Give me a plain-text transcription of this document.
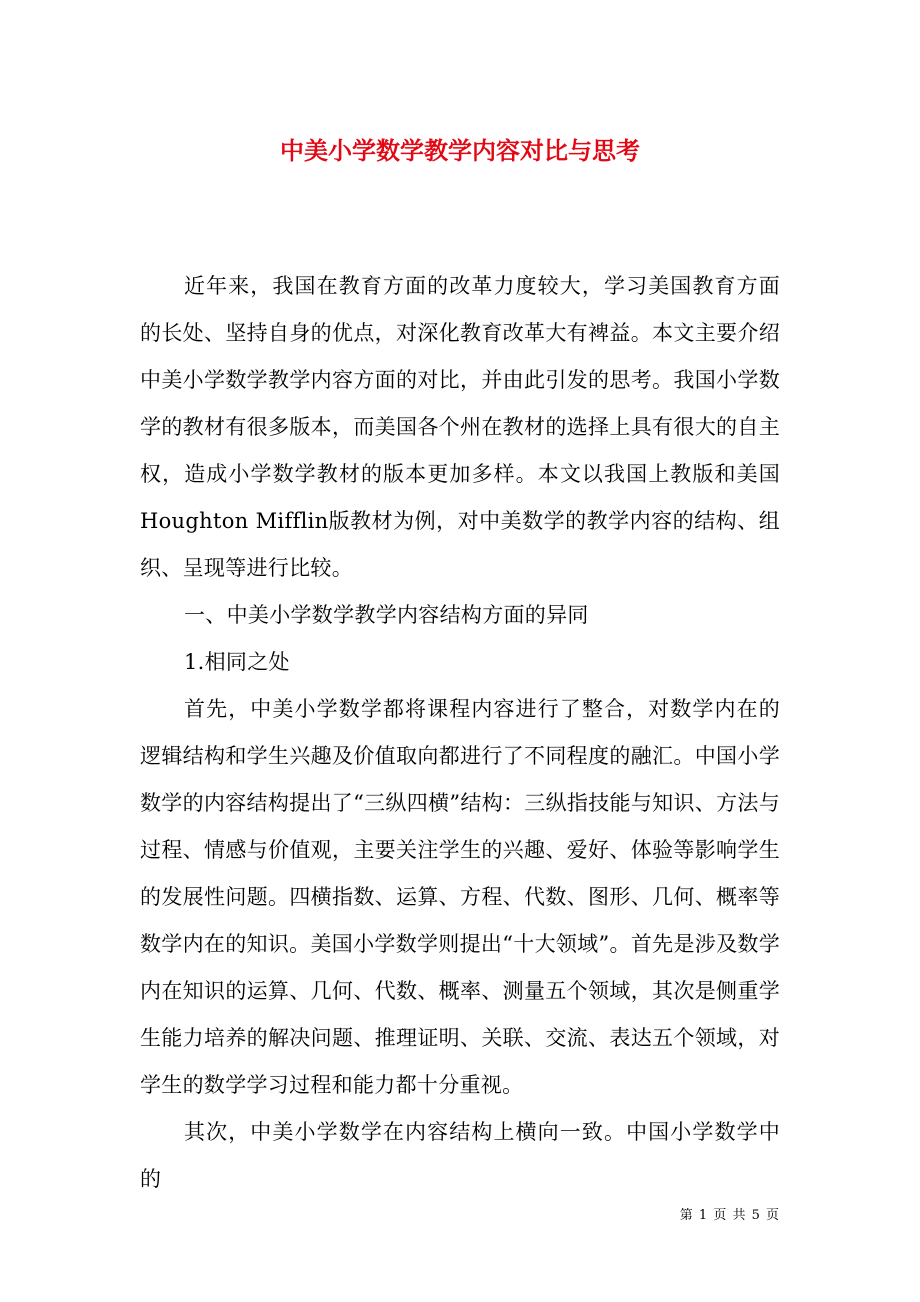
中美小学数学教学内容对比与思考

近年来，我国在教育方面的改革力度较大，学习美国教育方面的长处、坚持自身的优点，对深化教育改革大有裨益。本文主要介绍中美小学数学教学内容方面的对比，并由此引发的思考。我国小学数学的教材有很多版本，而美国各个州在教材的选择上具有很大的自主权，造成小学数学教材的版本更加多样。本文以我国上教版和美国Houghton Mifflin版教材为例，对中美数学的教学内容的结构、组织、呈现等进行比较。

一、中美小学数学教学内容结构方面的异同

1.相同之处

首先，中美小学数学都将课程内容进行了整合，对数学内在的逻辑结构和学生兴趣及价值取向都进行了不同程度的融汇。中国小学数学的内容结构提出了“三纵四横”结构：三纵指技能与知识、方法与过程、情感与价值观，主要关注学生的兴趣、爱好、体验等影响学生的发展性问题。四横指数、运算、方程、代数、图形、几何、概率等数学内在的知识。美国小学数学则提出“十大领域”。首先是涉及数学内在知识的运算、几何、代数、概率、测量五个领域，其次是侧重学生能力培养的解决问题、推理证明、关联、交流、表达五个领域，对学生的数学学习过程和能力都十分重视。

其次，中美小学数学在内容结构上横向一致。中国小学数学中的

第 1 页 共 5 页
